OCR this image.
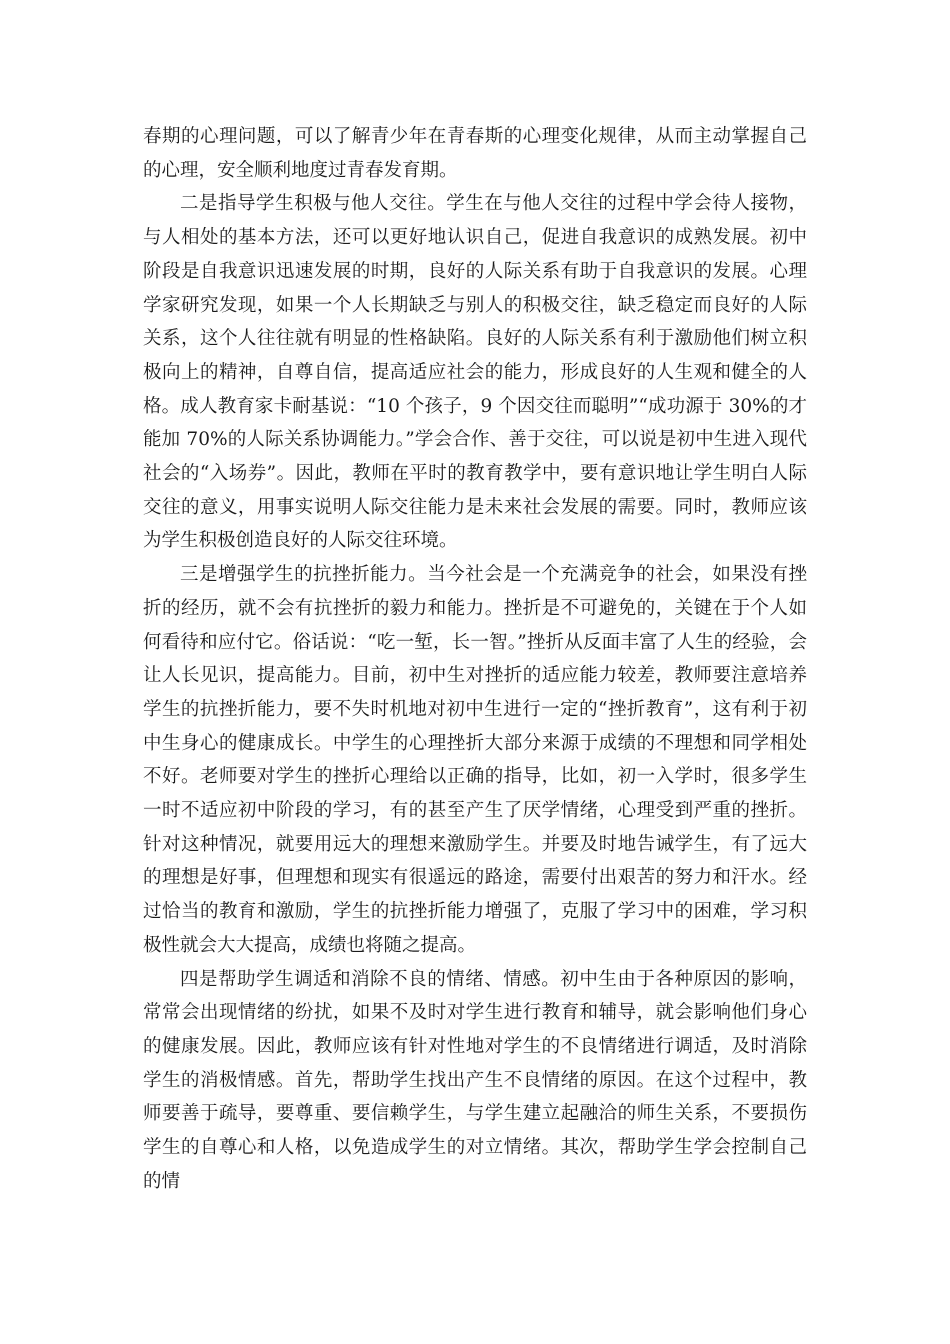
春期的心理问题，可以了解青少年在青春斯的心理变化规律，从而主动掌握自己的心理，安全顺利地度过青春发育期。

二是指导学生积极与他人交往。学生在与他人交往的过程中学会待人接物，与人相处的基本方法，还可以更好地认识自己，促进自我意识的成熟发展。初中阶段是自我意识迅速发展的时期，良好的人际关系有助于自我意识的发展。心理学家研究发现，如果一个人长期缺乏与别人的积极交往，缺乏稳定而良好的人际关系，这个人往往就有明显的性格缺陷。良好的人际关系有利于激励他们树立积极向上的精神，自尊自信，提高适应社会的能力，形成良好的人生观和健全的人格。成人教育家卡耐基说：“10 个孩子，9 个因交往而聪明”“成功源于 30%的才能加 70%的人际关系协调能力。”学会合作、善于交往，可以说是初中生进入现代社会的“入场券”。因此，教师在平时的教育教学中，要有意识地让学生明白人际交往的意义，用事实说明人际交往能力是未来社会发展的需要。同时，教师应该为学生积极创造良好的人际交往环境。

三是增强学生的抗挫折能力。当今社会是一个充满竞争的社会，如果没有挫折的经历，就不会有抗挫折的毅力和能力。挫折是不可避免的，关键在于个人如何看待和应付它。俗话说：“吃一堑，长一智。”挫折从反面丰富了人生的经验，会让人长见识，提高能力。目前，初中生对挫折的适应能力较差，教师要注意培养学生的抗挫折能力，要不失时机地对初中生进行一定的“挫折教育”，这有利于初中生身心的健康成长。中学生的心理挫折大部分来源于成绩的不理想和同学相处不好。老师要对学生的挫折心理给以正确的指导，比如，初一入学时，很多学生一时不适应初中阶段的学习，有的甚至产生了厌学情绪，心理受到严重的挫折。针对这种情况，就要用远大的理想来激励学生。并要及时地告诫学生，有了远大的理想是好事，但理想和现实有很遥远的路途，需要付出艰苦的努力和汗水。经过恰当的教育和激励，学生的抗挫折能力增强了，克服了学习中的困难，学习积极性就会大大提高，成绩也将随之提高。

四是帮助学生调适和消除不良的情绪、情感。初中生由于各种原因的影响，常常会出现情绪的纷扰，如果不及时对学生进行教育和辅导，就会影响他们身心的健康发展。因此，教师应该有针对性地对学生的不良情绪进行调适，及时消除学生的消极情感。首先，帮助学生找出产生不良情绪的原因。在这个过程中，教师要善于疏导，要尊重、要信赖学生，与学生建立起融洽的师生关系，不要损伤学生的自尊心和人格，以免造成学生的对立情绪。其次，帮助学生学会控制自己的情
